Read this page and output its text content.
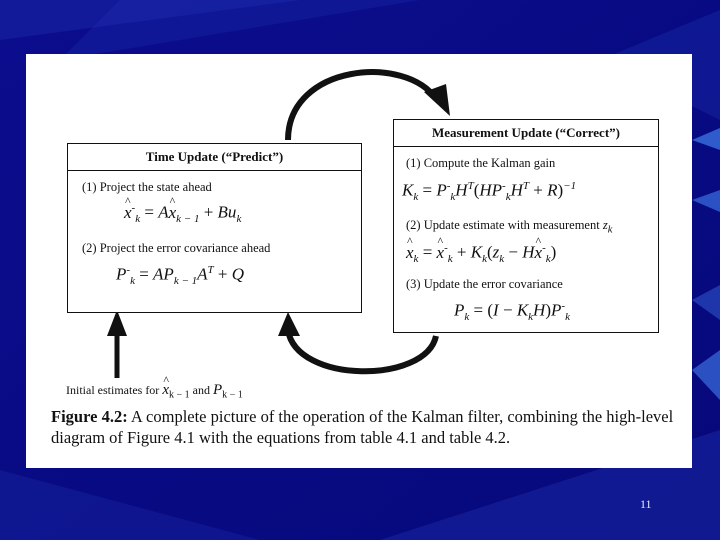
Time Update (“Predict”)
(1) Project the state ahead
^ $x^-_k$ = A^ $x_{k - 1} + Bu_k$
(2) Project the error covariance ahead
$P^-_k = AP_{k - 1}A^T + Q$
Measurement Update (“Correct”)
(1) Compute the Kalman gain
$K_k = P^-_kH^T(HP^-_kH^T + R)^{-1}$
(2) Update estimate with measurement $z_k$
^ $x_k$ = ^ $x^-_k + K_k(z_k$ − H^ $x^-_k$)
(3) Update the error covariance
$P_k = (I - K_kH)P^-_k$
Initial estimates for ^ $x_{k - 1}$ and $P_{k - 1}$
Figure 4.2: A complete picture of the operation of the Kalman filter, combining the high-level diagram of Figure 4.1 with the equations from table 4.1 and table 4.2.
11
